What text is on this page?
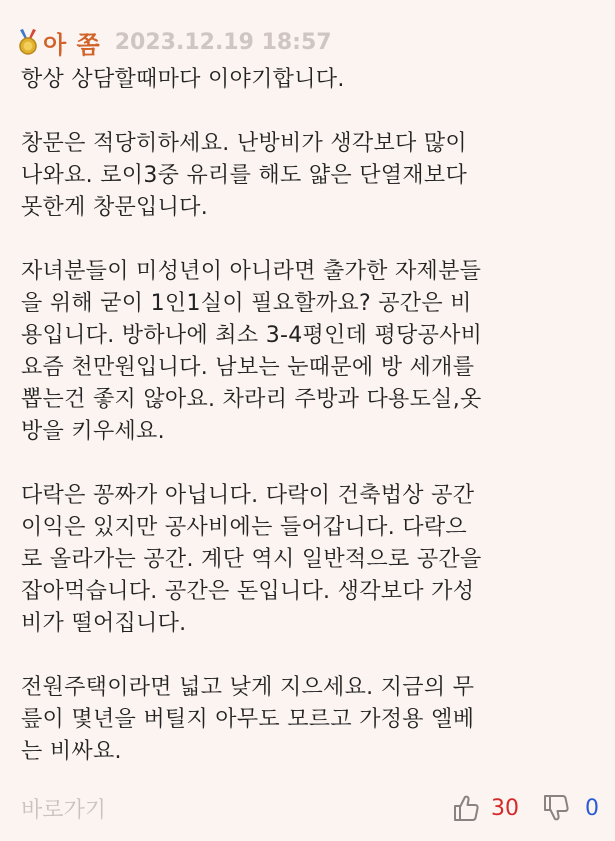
아 쫌 2023.12.19 18:57

항상 상담할때마다 이야기합니다.

창문은 적당히하세요. 난방비가 생각보다 많이
나와요. 로이3중 유리를 해도 얇은 단열재보다
못한게 창문입니다.

자녀분들이 미성년이 아니라면 출가한 자제분들
을 위해 굳이 1인1실이 필요할까요? 공간은 비
용입니다. 방하나에 최소 3-4평인데 평당공사비
요즘 천만원입니다. 남보는 눈때문에 방 세개를
뽑는건 좋지 않아요. 차라리 주방과 다용도실,옷
방을 키우세요.

다락은 꽁짜가 아닙니다. 다락이 건축법상 공간
이익은 있지만 공사비에는 들어갑니다. 다락으
로 올라가는 공간. 계단 역시 일반적으로 공간을
잡아먹습니다. 공간은 돈입니다. 생각보다 가성
비가 떨어집니다.

전원주택이라면 넓고 낮게 지으세요. 지금의 무
릎이 몇년을 버틸지 아무도 모르고 가정용 엘베
는 비싸요.

바로가기	30	0
